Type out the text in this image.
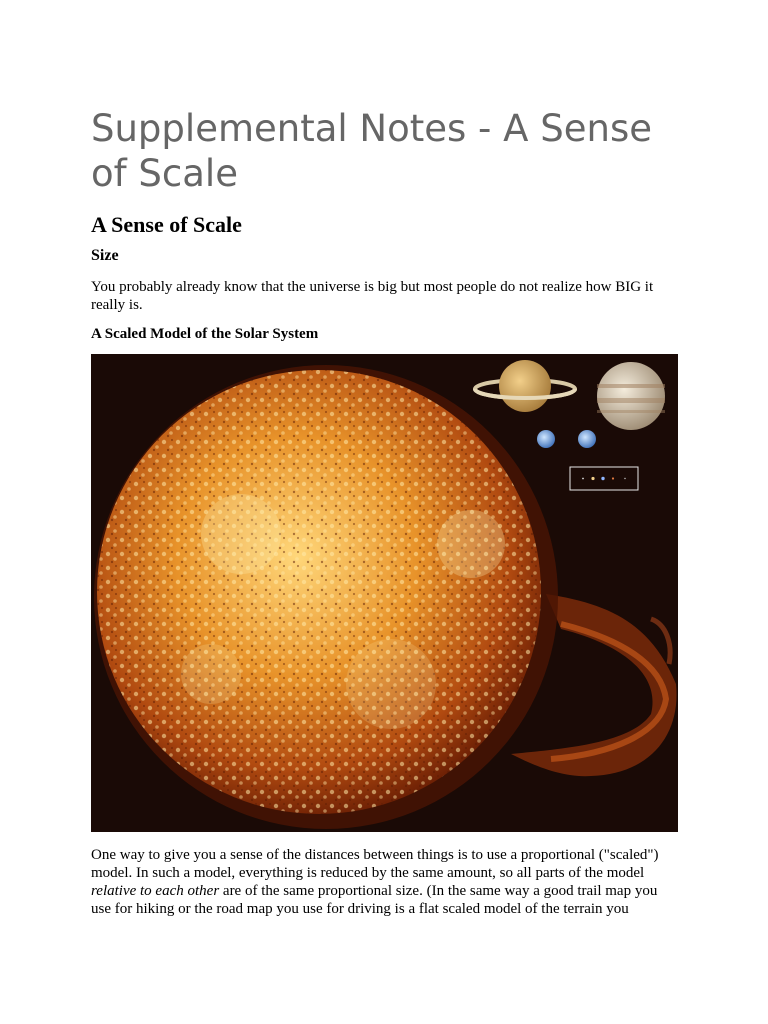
Supplemental Notes - A Sense of Scale
A Sense of Scale
Size

You probably already know that the universe is big but most people do not realize how BIG it really is.

A Scaled Model of the Solar System

One way to give you a sense of the distances between things is to use a proportional ("scaled") model. In such a model, everything is reduced by the same amount, so all parts of the model relative to each other are of the same proportional size. (In the same way a good trail map you use for hiking or the road map you use for driving is a flat scaled model of the terrain you
